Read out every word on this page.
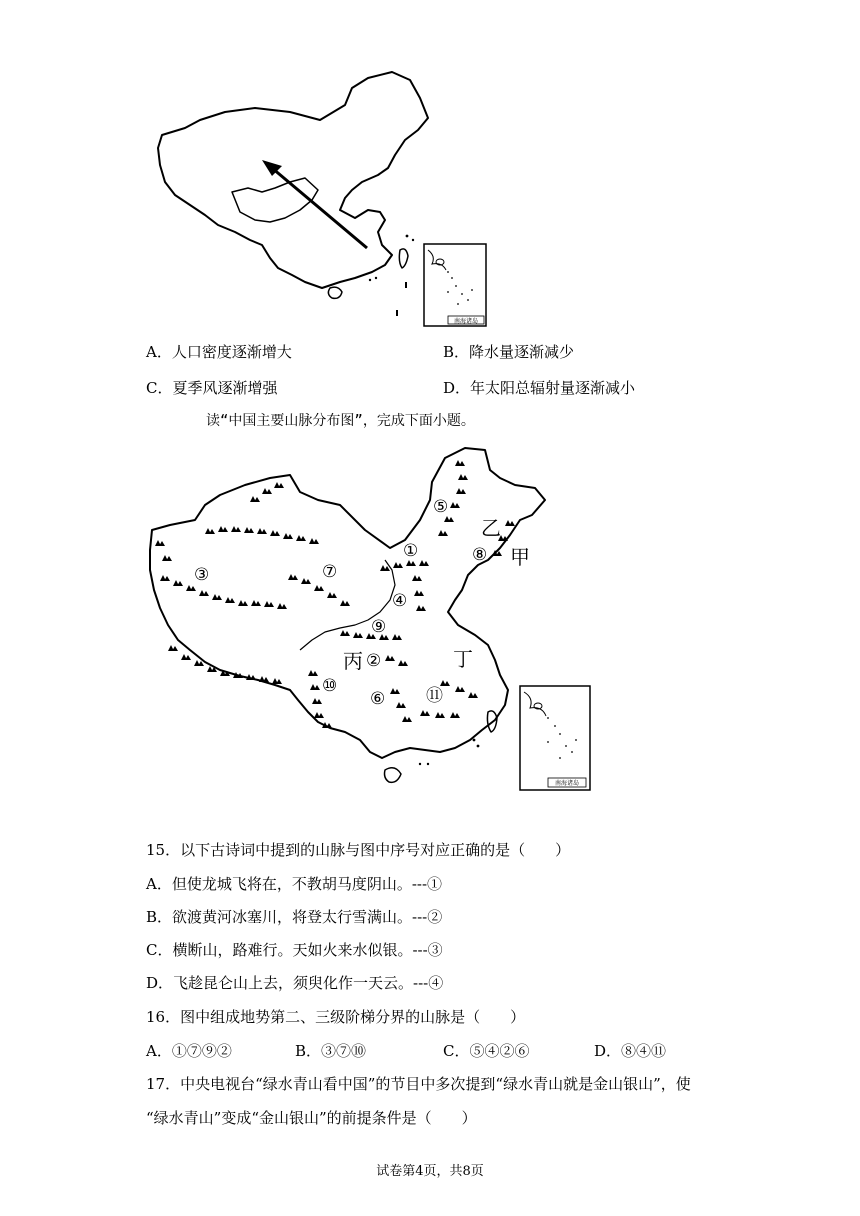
南海诸岛
A．人口密度逐渐增大	B．降水量逐渐减少
C．夏季风逐渐增强	D．年太阳总辐射量逐渐减小
读“中国主要山脉分布图”，完成下面小题。
⑤
①
③	⑦
④
⑨
②
⑩
⑥ ⑪
⑧
乙
甲
丙	丁
南海诸岛
15．以下古诗词中提到的山脉与图中序号对应正确的是（　　）
A．但使龙城飞将在，不教胡马度阴山。---①
B．欲渡黄河冰塞川，将登太行雪满山。---②
C．横断山，路难行。天如火来水似银。---③
D．飞趁昆仑山上去，须臾化作一天云。---④
16．图中组成地势第二、三级阶梯分界的山脉是（　　）
A．①⑦⑨②	B．③⑦⑩	C．⑤④②⑥	D．⑧④⑪
17．中央电视台“绿水青山看中国”的节目中多次提到“绿水青山就是金山银山”，使
“绿水青山”变成“金山银山”的前提条件是（　　）
试卷第4页，共8页
